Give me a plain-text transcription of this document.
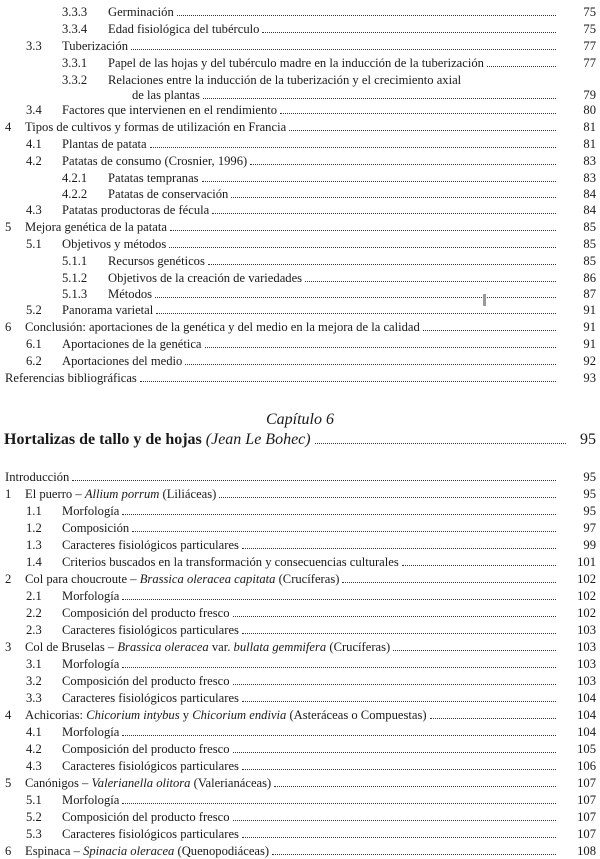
3.3.3 Germinación	75
3.3.4 Edad fisiológica del tubérculo	75
3.3 Tuberización	77
3.3.1 Papel de las hojas y del tubérculo madre en la inducción de la tuberización	77
3.3.2 Relaciones entre la inducción de la tuberización y el crecimiento axial
de las plantas	79
3.4 Factores que intervienen en el rendimiento	80
4 Tipos de cultivos y formas de utilización en Francia	81
4.1 Plantas de patata	81
4.2 Patatas de consumo (Crosnier, 1996)	83
4.2.1 Patatas tempranas	83
4.2.2 Patatas de conservación	84
4.3 Patatas productoras de fécula	84
5 Mejora genética de la patata	85
5.1 Objetivos y métodos	85
5.1.1 Recursos genéticos	85
5.1.2 Objetivos de la creación de variedades	86
5.1.3 Métodos	87
5.2 Panorama varietal	91
6 Conclusión: aportaciones de la genética y del medio en la mejora de la calidad	91
6.1 Aportaciones de la genética	91
6.2 Aportaciones del medio	92
Referencias bibliográficas	93
Capítulo 6
Hortalizas de tallo y de hojas (Jean Le Bohec)	95
Introducción	95
1 El puerro – Allium porrum (Liliáceas)	95
1.1 Morfología	95
1.2 Composición	97
1.3 Caracteres fisiológicos particulares	99
1.4 Criterios buscados en la transformación y consecuencias culturales	101
2 Col para choucroute – Brassica oleracea capitata (Crucíferas)	102
2.1 Morfología	102
2.2 Composición del producto fresco	102
2.3 Caracteres fisiológicos particulares	103
3 Col de Bruselas – Brassica oleracea var. bullata gemmifera (Crucíferas)	103
3.1 Morfología	103
3.2 Composición del producto fresco	103
3.3 Caracteres fisiológicos particulares	104
4 Achicorias: Chicorium intybus y Chicorium endivia (Asteráceas o Compuestas)	104
4.1 Morfología	104
4.2 Composición del producto fresco	105
4.3 Caracteres fisiológicos particulares	106
5 Canónigos – Valerianella olitora (Valerianáceas)	107
5.1 Morfología	107
5.2 Composición del producto fresco	107
5.3 Caracteres fisiológicos particulares	107
6 Espinaca – Spinacia oleracea (Quenopodiáceas)	108
